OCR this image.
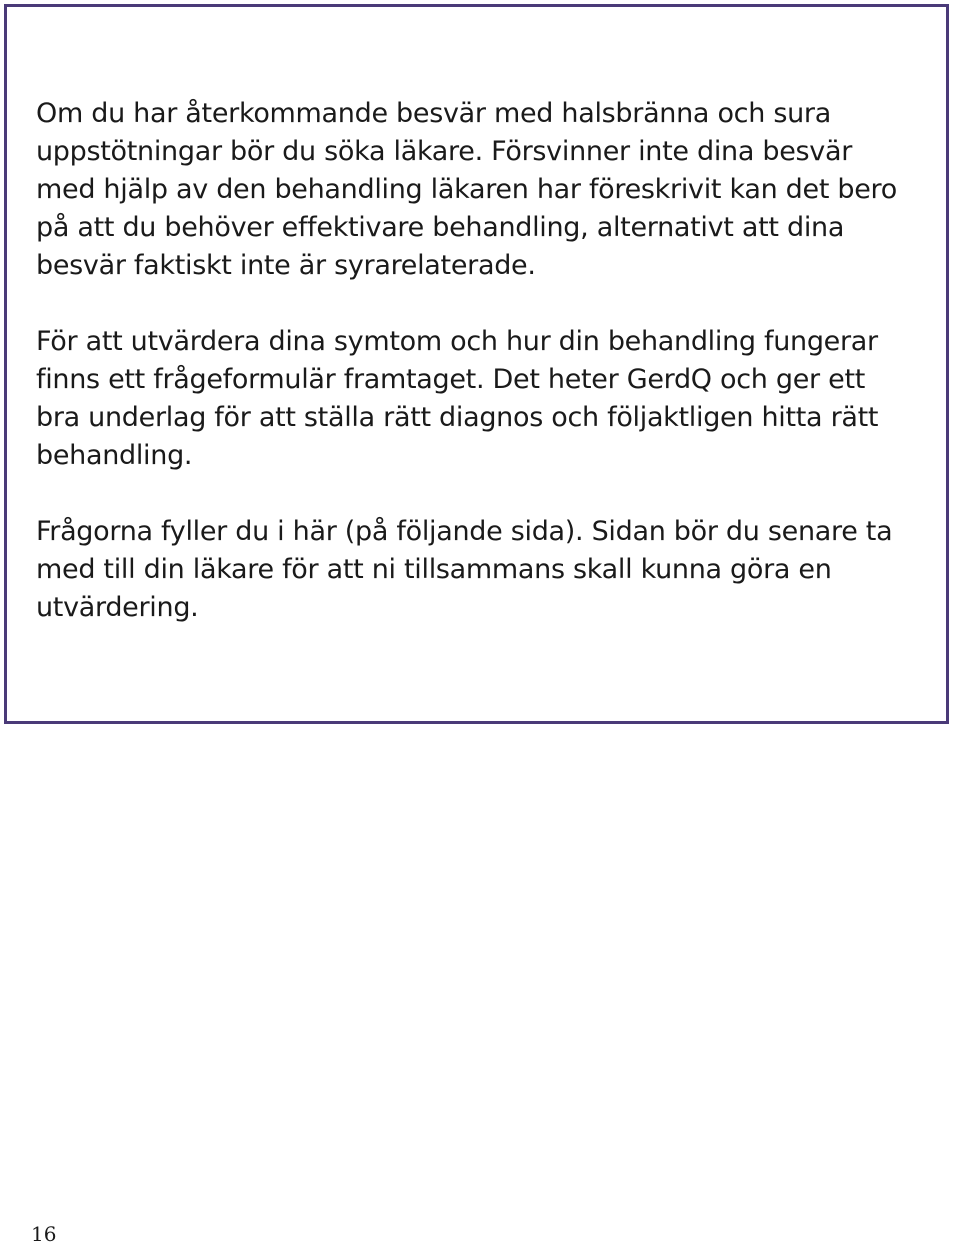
Om du har återkommande besvär med halsbränna och sura uppstötningar bör du söka läkare. Försvinner inte dina besvär med hjälp av den behandling läkaren har föreskrivit kan det bero på att du behöver effektivare behandling, alternativt att dina besvär faktiskt inte är syrarelaterade.

För att utvärdera dina symtom och hur din behandling fungerar finns ett frågeformulär framtaget. Det heter GerdQ och ger ett bra underlag för att ställa rätt diagnos och följaktligen hitta rätt behandling.

Frågorna fyller du i här (på följande sida). Sidan bör du senare ta med till din läkare för att ni tillsammans skall kunna göra en utvärdering.

16
